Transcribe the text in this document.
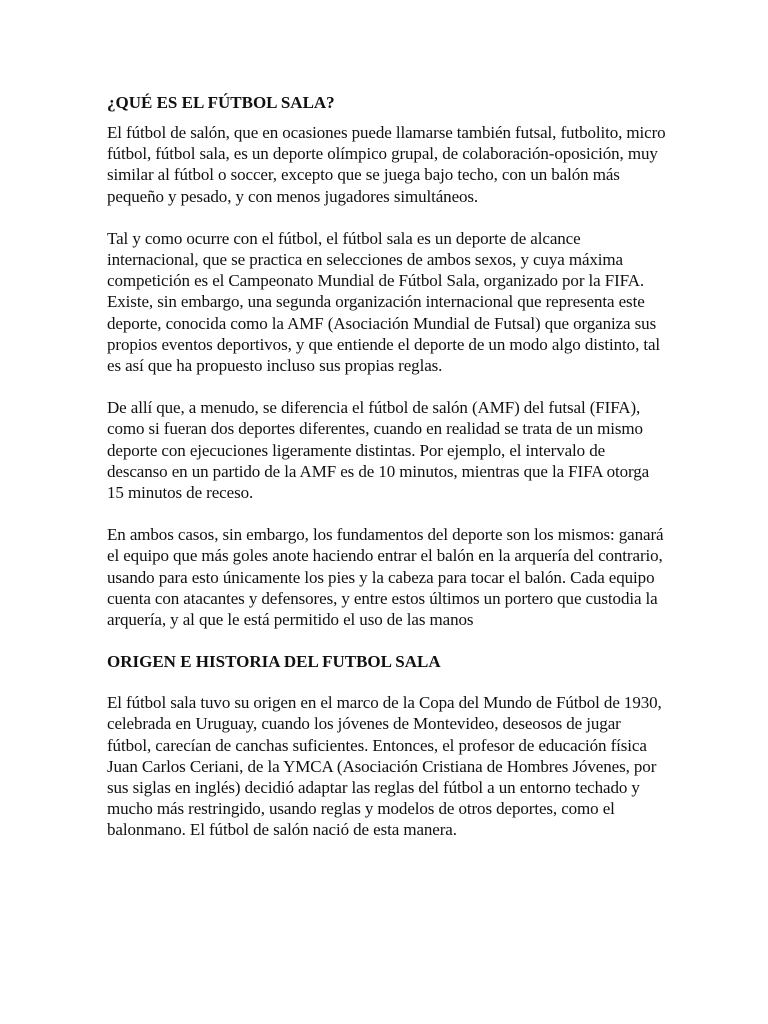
¿QUÉ ES EL FÚTBOL SALA?

El fútbol de salón, que en ocasiones puede llamarse también futsal, futbolito, micro fútbol, fútbol sala, es un deporte olímpico grupal, de colaboración-oposición, muy similar al fútbol o soccer, excepto que se juega bajo techo, con un balón más pequeño y pesado, y con menos jugadores simultáneos.

Tal y como ocurre con el fútbol, el fútbol sala es un deporte de alcance internacional, que se practica en selecciones de ambos sexos, y cuya máxima competición es el Campeonato Mundial de Fútbol Sala, organizado por la FIFA. Existe, sin embargo, una segunda organización internacional que representa este deporte, conocida como la AMF (Asociación Mundial de Futsal) que organiza sus propios eventos deportivos, y que entiende el deporte de un modo algo distinto, tal es así que ha propuesto incluso sus propias reglas.

De allí que, a menudo, se diferencia el fútbol de salón (AMF) del futsal (FIFA), como si fueran dos deportes diferentes, cuando en realidad se trata de un mismo deporte con ejecuciones ligeramente distintas. Por ejemplo, el intervalo de descanso en un partido de la AMF es de 10 minutos, mientras que la FIFA otorga 15 minutos de receso.

En ambos casos, sin embargo, los fundamentos del deporte son los mismos: ganará el equipo que más goles anote haciendo entrar el balón en la arquería del contrario, usando para esto únicamente los pies y la cabeza para tocar el balón. Cada equipo cuenta con atacantes y defensores, y entre estos últimos un portero que custodia la arquería, y al que le está permitido el uso de las manos

ORIGEN E HISTORIA DEL FUTBOL SALA

El fútbol sala tuvo su origen en el marco de la Copa del Mundo de Fútbol de 1930, celebrada en Uruguay, cuando los jóvenes de Montevideo, deseosos de jugar fútbol, carecían de canchas suficientes. Entonces, el profesor de educación física Juan Carlos Ceriani, de la YMCA (Asociación Cristiana de Hombres Jóvenes, por sus siglas en inglés) decidió adaptar las reglas del fútbol a un entorno techado y mucho más restringido, usando reglas y modelos de otros deportes, como el balonmano. El fútbol de salón nació de esta manera.
